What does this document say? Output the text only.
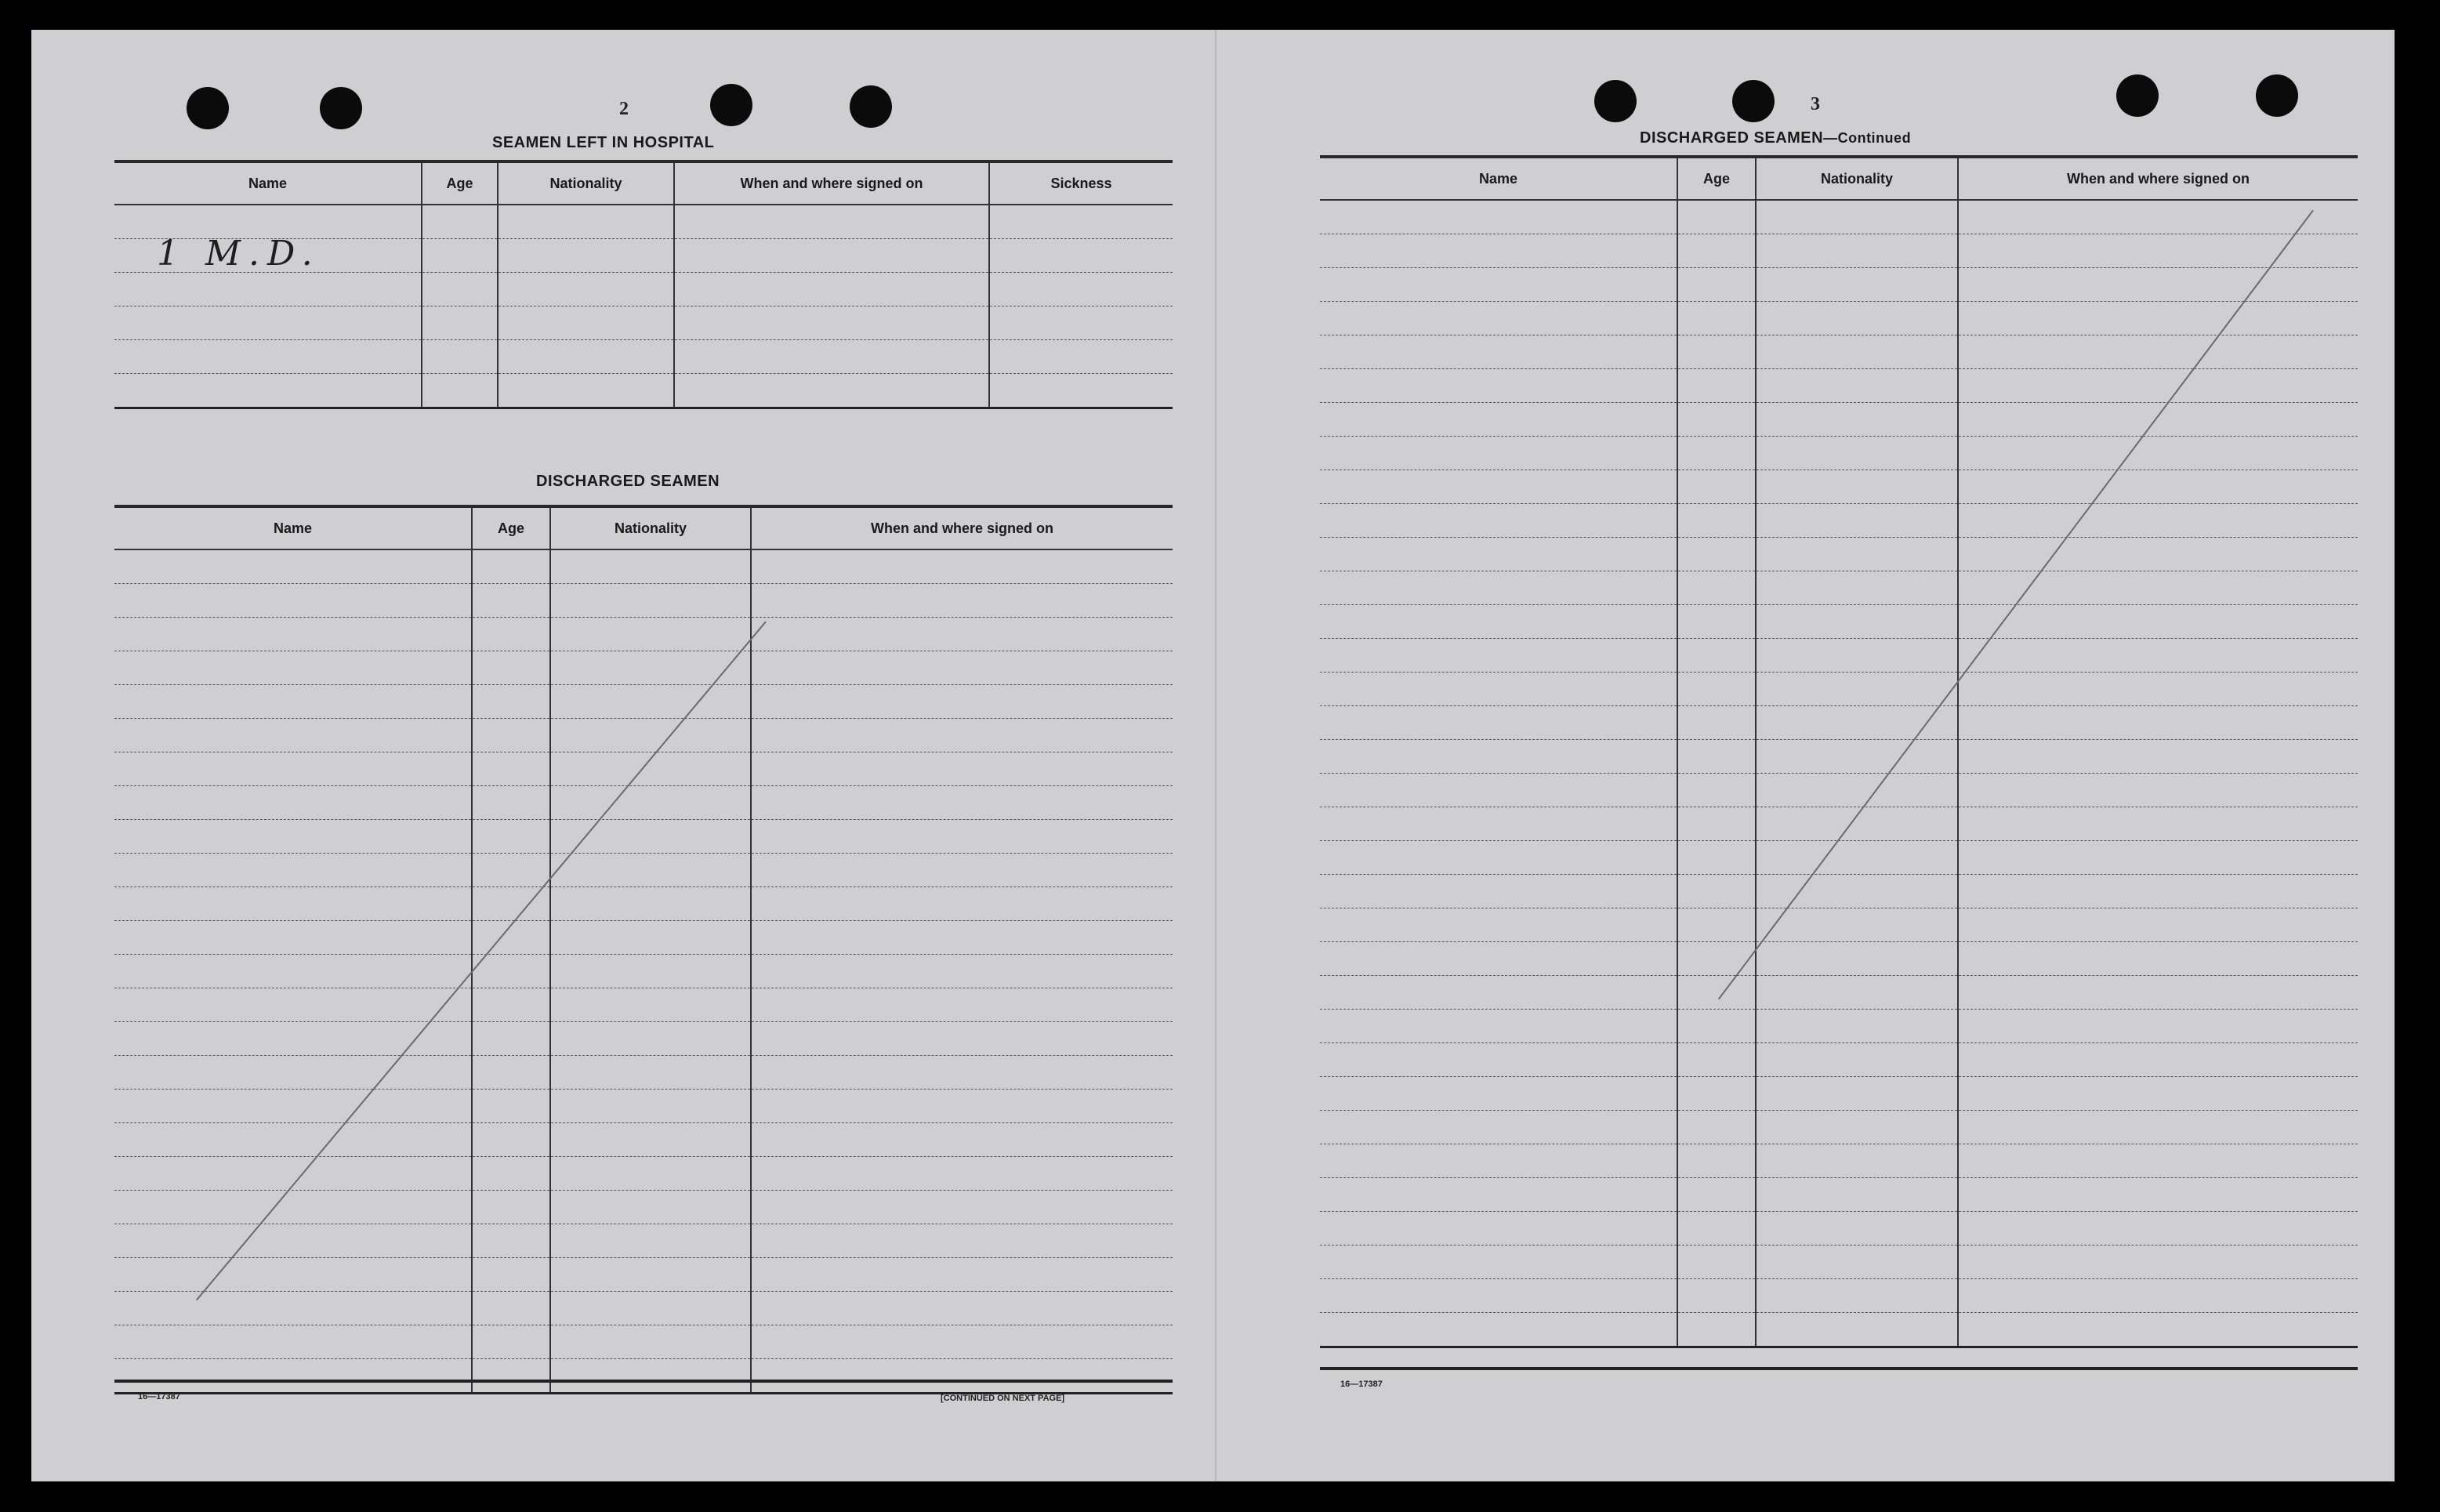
2
SEAMEN LEFT IN HOSPITAL
Name	Age	Nationality	When and where signed on	Sickness

1 M.D.
DISCHARGED SEAMEN
Name	Age	Nationality	When and where signed on

16—17387	[CONTINUED ON NEXT PAGE]
3
DISCHARGED SEAMEN—Continued
Name	Age	Nationality	When and where signed on

16—17387
